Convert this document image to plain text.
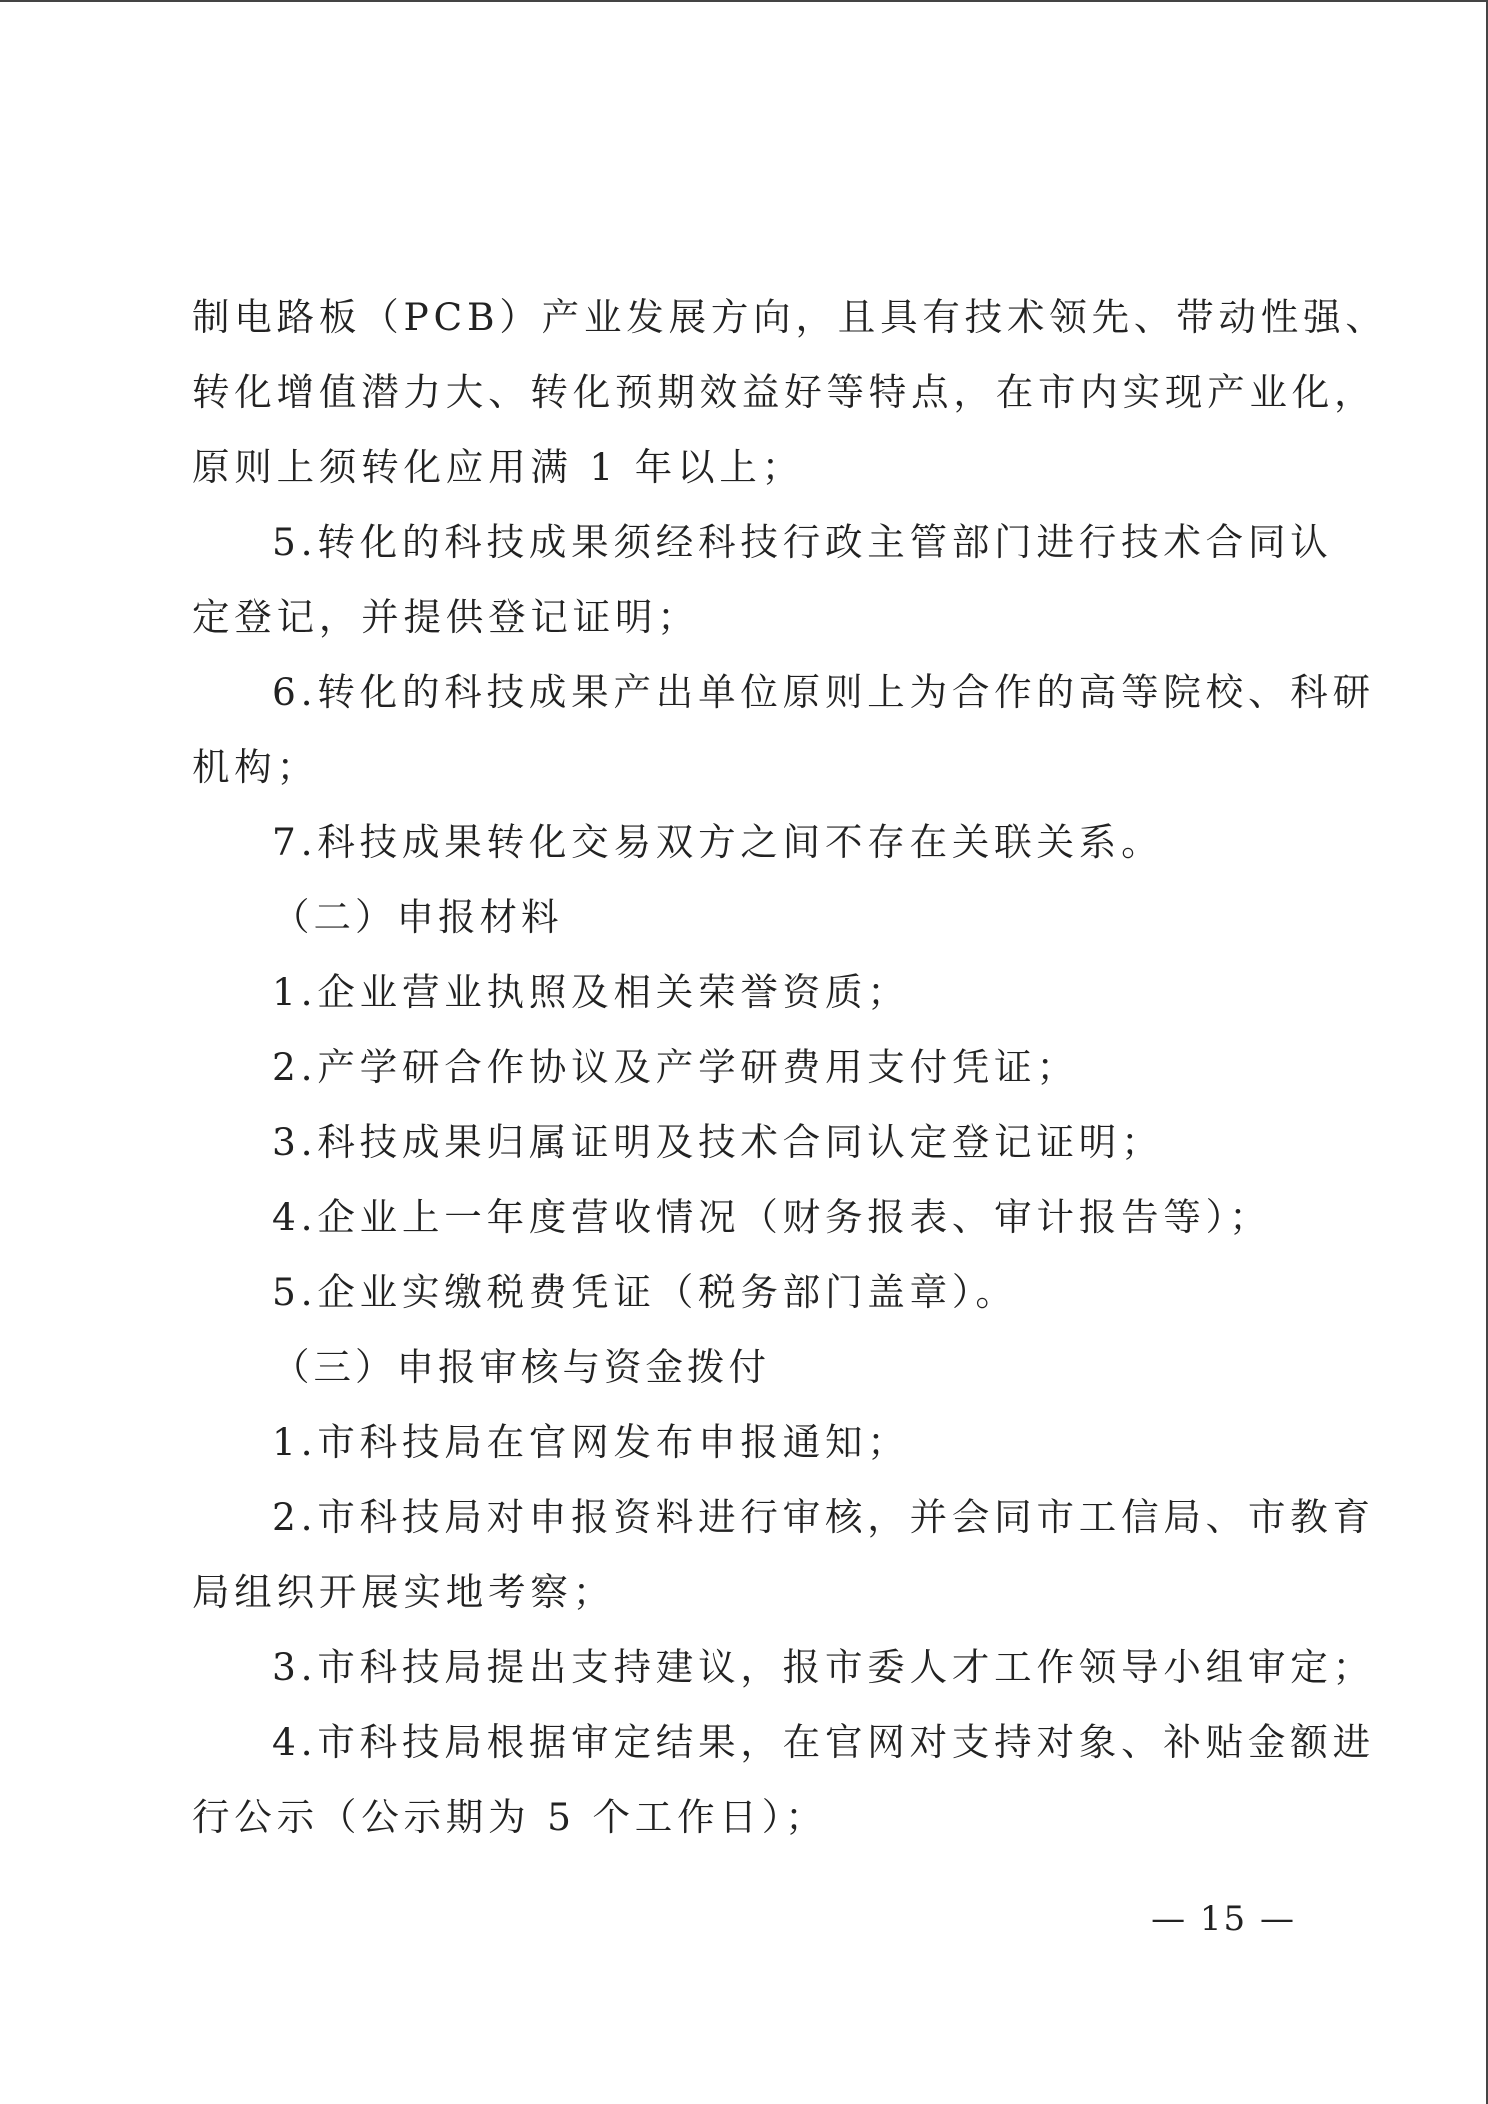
制电路板（PCB）产业发展方向，且具有技术领先、带动性强、
转化增值潜力大、转化预期效益好等特点，在市内实现产业化，
原则上须转化应用满 1 年以上；
5.转化的科技成果须经科技行政主管部门进行技术合同认
定登记，并提供登记证明；
6.转化的科技成果产出单位原则上为合作的高等院校、科研
机构；
7.科技成果转化交易双方之间不存在关联关系。
（二）申报材料
1.企业营业执照及相关荣誉资质；
2.产学研合作协议及产学研费用支付凭证；
3.科技成果归属证明及技术合同认定登记证明；
4.企业上一年度营收情况（财务报表、审计报告等）；
5.企业实缴税费凭证（税务部门盖章）。
（三）申报审核与资金拨付
1.市科技局在官网发布申报通知；
2.市科技局对申报资料进行审核，并会同市工信局、市教育
局组织开展实地考察；
3.市科技局提出支持建议，报市委人才工作领导小组审定；
4.市科技局根据审定结果，在官网对支持对象、补贴金额进
行公示（公示期为 5 个工作日）；
— 15 —
